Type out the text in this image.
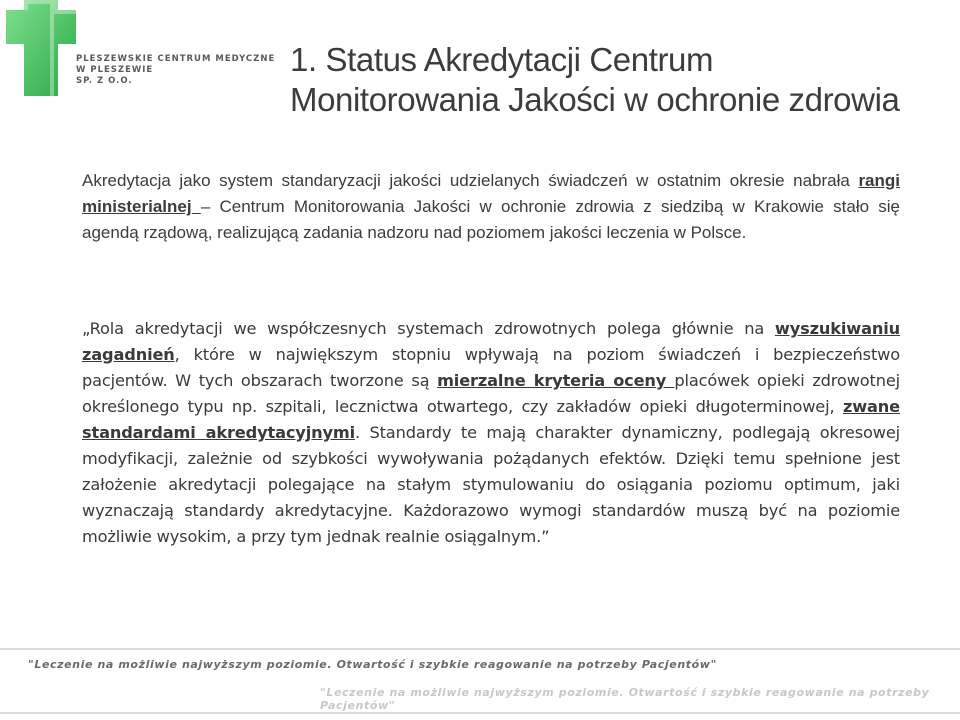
PLESZEWSKIE CENTRUM MEDYCZNE
W PLESZEWIE
SP. Z O.O.
1. Status Akredytacji Centrum
Monitorowania Jakości w ochronie zdrowia
Akredytacja jako system standaryzacji jakości udzielanych świadczeń w ostatnim okresie nabrała rangi ministerialnej – Centrum Monitorowania Jakości w ochronie zdrowia z siedzibą w Krakowie stało się agendą rządową, realizującą zadania nadzoru nad poziomem jakości leczenia w Polsce.
„Rola akredytacji we współczesnych systemach zdrowotnych polega głównie na wyszukiwaniu zagadnień, które w największym stopniu wpływają na poziom świadczeń i bezpieczeństwo pacjentów. W tych obszarach tworzone są mierzalne kryteria oceny placówek opieki zdrowotnej określonego typu np. szpitali, lecznictwa otwartego, czy zakładów opieki długoterminowej, zwane standardami akredytacyjnymi. Standardy te mają charakter dynamiczny, podlegają okresowej modyfikacji, zależnie od szybkości wywoływania pożądanych efektów. Dzięki temu spełnione jest założenie akredytacji polegające na stałym stymulowaniu do osiągania poziomu optimum, jaki wyznaczają standardy akredytacyjne. Każdorazowo wymogi standardów muszą być na poziomie możliwie wysokim, a przy tym jednak realnie osiągalnym.”
"Leczenie na możliwie najwyższym poziomie. Otwartość i szybkie reagowanie na potrzeby Pacjentów"
"Leczenie na możliwie najwyższym poziomie. Otwartość i szybkie reagowanie na potrzeby Pacjentów"
